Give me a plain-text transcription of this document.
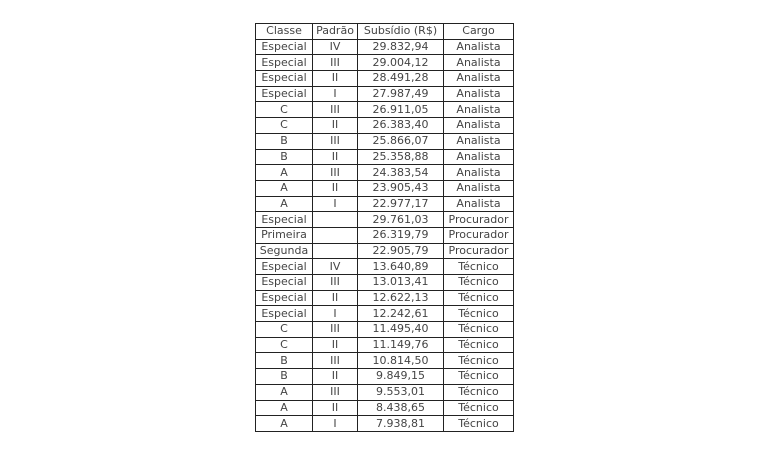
Classe	Padrão	Subsídio (R$)	Cargo
Especial	IV	29.832,94	Analista
Especial	III	29.004,12	Analista
Especial	II	28.491,28	Analista
Especial	I	27.987,49	Analista
C	III	26.911,05	Analista
C	II	26.383,40	Analista
B	III	25.866,07	Analista
B	II	25.358,88	Analista
A	III	24.383,54	Analista
A	II	23.905,43	Analista
A	I	22.977,17	Analista
Especial		29.761,03	Procurador
Primeira		26.319,79	Procurador
Segunda		22.905,79	Procurador
Especial	IV	13.640,89	Técnico
Especial	III	13.013,41	Técnico
Especial	II	12.622,13	Técnico
Especial	I	12.242,61	Técnico
C	III	11.495,40	Técnico
C	II	11.149,76	Técnico
B	III	10.814,50	Técnico
B	II	9.849,15	Técnico
A	III	9.553,01	Técnico
A	II	8.438,65	Técnico
A	I	7.938,81	Técnico
